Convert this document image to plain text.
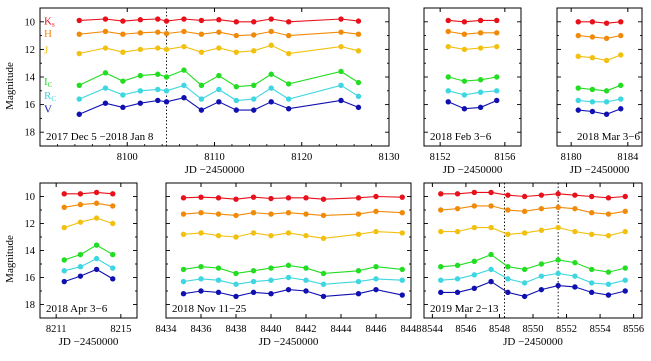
Magnitude
Magnitude
8100	8110	8120	8130
10
12
14
16
18 2017 Dec 5 −2018 Jan 8
JD −2450000
8152	8156
2018 Feb 3−6
JD −2450000
8180	8184
2018 Mar 3−6
JD −2450000
8211	8215
10
12
14
16
18 2018 Apr 3−6
JD −2450000
8434 8436 8438 8440 8442 8444 8446 8448
2018 Nov 11−25
JD −2450000
8544 8546 8548 8550 8552 8554 8556
2019 Mar 2−13
JD −2450000
Ks
H
J
IC
RC
V
